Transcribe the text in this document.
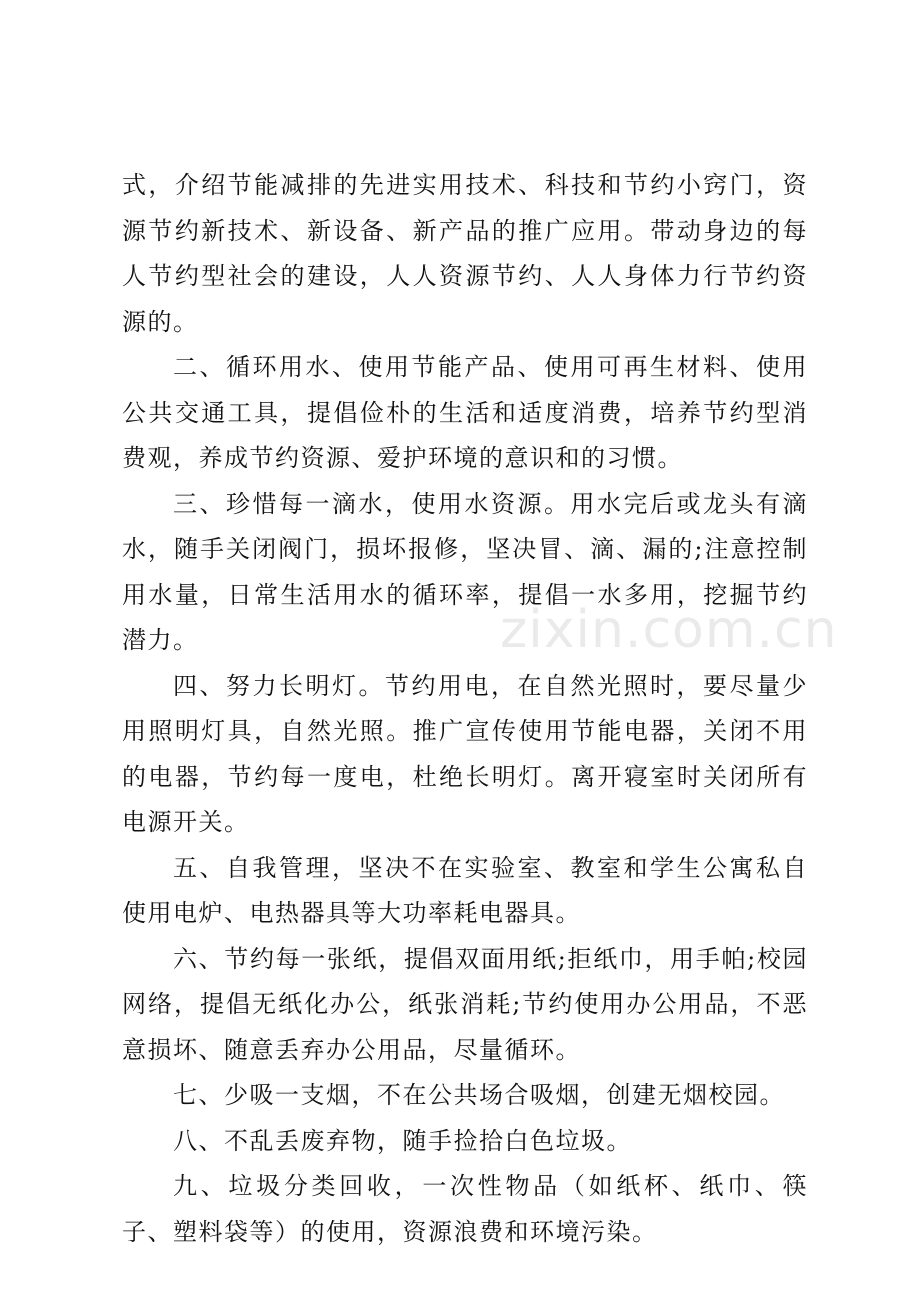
式，介绍节能减排的先进实用技术、科技和节约小窍门，资源节约新技术、新设备、新产品的推广应用。带动身边的每人节约型社会的建设，人人资源节约、人人身体力行节约资源的。

二、循环用水、使用节能产品、使用可再生材料、使用公共交通工具，提倡俭朴的生活和适度消费，培养节约型消费观，养成节约资源、爱护环境的意识和的习惯。

三、珍惜每一滴水，使用水资源。用水完后或龙头有滴水，随手关闭阀门，损坏报修，坚决冒、滴、漏的;注意控制用水量，日常生活用水的循环率，提倡一水多用，挖掘节约潜力。

四、努力长明灯。节约用电，在自然光照时，要尽量少用照明灯具，自然光照。推广宣传使用节能电器，关闭不用的电器，节约每一度电，杜绝长明灯。离开寝室时关闭所有电源开关。

五、自我管理，坚决不在实验室、教室和学生公寓私自使用电炉、电热器具等大功率耗电器具。

六、节约每一张纸，提倡双面用纸;拒纸巾，用手帕;校园网络，提倡无纸化办公，纸张消耗;节约使用办公用品，不恶意损坏、随意丢弃办公用品，尽量循环。

七、少吸一支烟，不在公共场合吸烟，创建无烟校园。

八、不乱丢废弃物，随手捡拾白色垃圾。

九、垃圾分类回收，一次性物品（如纸杯、纸巾、筷子、塑料袋等）的使用，资源浪费和环境污染。

zixin.com.cn
